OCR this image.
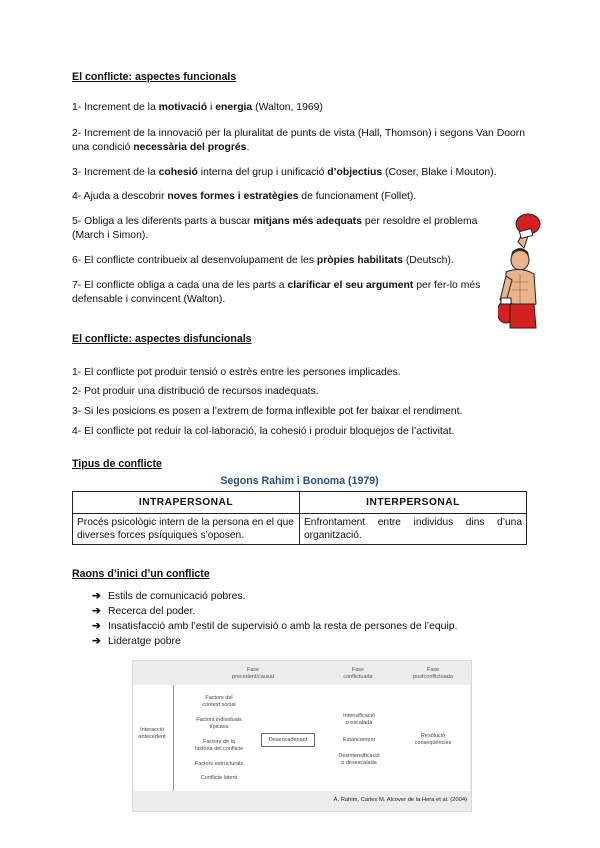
El conflicte: aspectes funcionals
1- Increment de la motivació i energia (Walton, 1969)
2- Increment de la innovació per la pluralitat de punts de vista (Hall, Thomson) i segons Van Doorn una condició necessària del progrés.
3- Increment de la cohesió interna del grup i unificació d’objectius (Coser, Blake i Mouton).
4- Ajuda a descobrir noves formes i estratègies de funcionament (Follet).
5- Obliga a les diferents parts a buscar mitjans més adequats per resoldre el problema (March i Simon).
6- El conflicte contribueix al desenvolupament de les pròpies habilitats (Deutsch).
7- El conflicte obliga a cada una de les parts a clarificar el seu argument per fer-lo més defensable i convincent (Walton).
El conflicte: aspectes disfuncionals
1- El conflicte pot produir tensió o estrès entre les persones implicades.
2- Pot produir una distribució de recursos inadequats.
3- Si les posicions es posen a l’extrem de forma inflexible pot fer baixar el rendiment.
4- El conflicte pot reduir la col·laboració, la cohesió i produir bloquejos de l’activitat.
Tipus de conflicte
Segons Rahim i Bonoma (1979)
INTRAPERSONAL	INTERPERSONAL
Procés psicològic intern de la persona en el que diverses forces psíquiques s’oposen.	Enfrontament entre individus dins d’una organització.
Raons d’inici d’un conflicte
➔ Estils de comunicació pobres.
➔ Recerca del poder.
➔ Insatisfacció amb l’estil de supervisió o amb la resta de persones de l’equip.
➔ Lideratge pobre
Fase
precedent/causal
Fase
conflictuada
Fase
postconflictuada
Interacció
antecedent
Factors del
context social
Factors individuals
típicaos
Factors de la
història del conflicte
Factors estructurals
Conflicte latent
Desencadenant
Intensificació
o escalada
Estancament
Desintensificació
o desescalada
Resolució
conseqüències
A. Rahim, Carles M. Alcover de la Hera et al. (2004)
